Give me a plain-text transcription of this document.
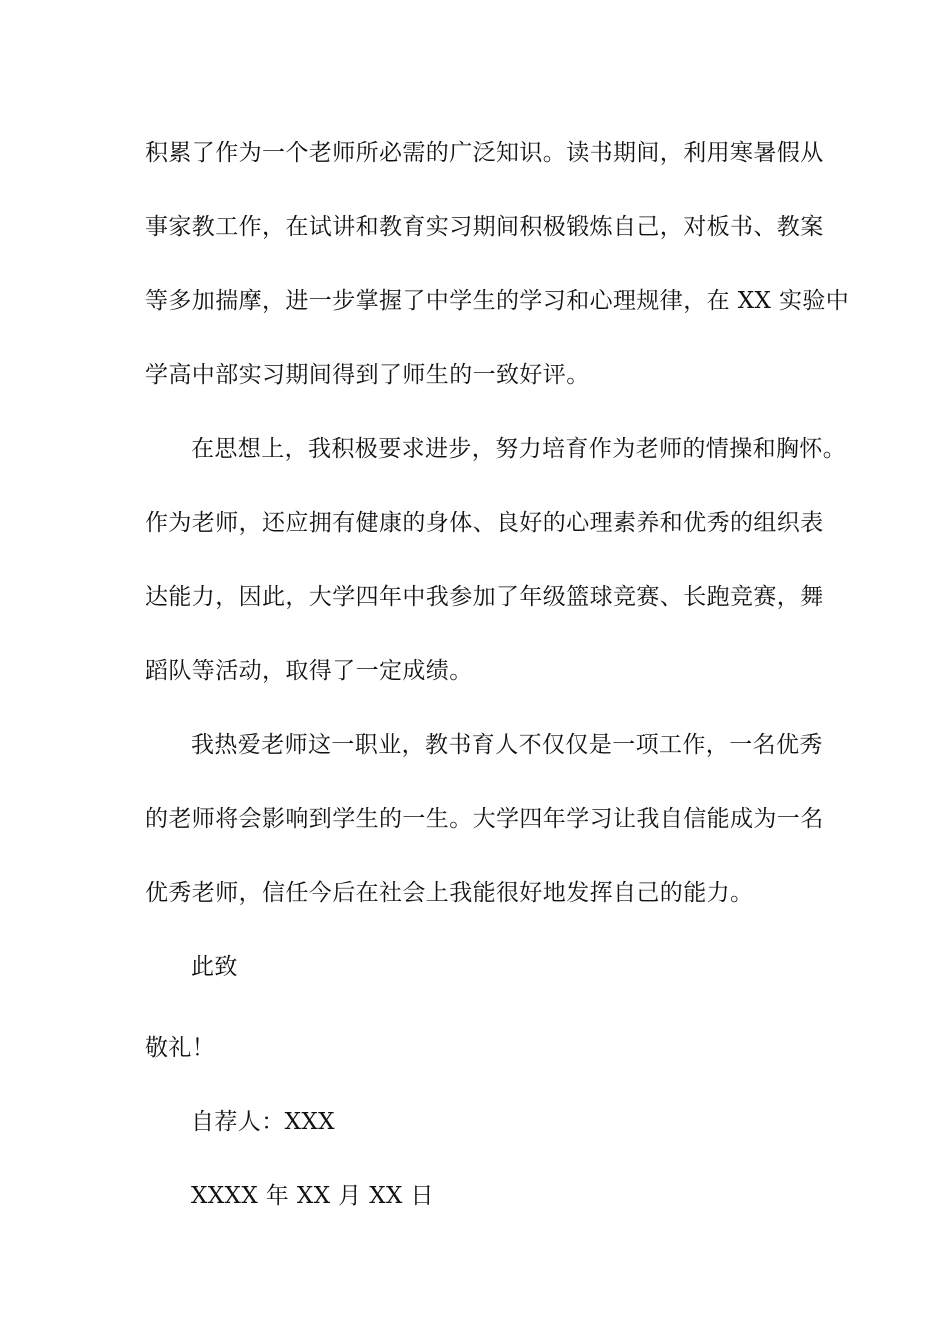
积累了作为一个老师所必需的广泛知识。读书期间，利用寒暑假从
事家教工作，在试讲和教育实习期间积极锻炼自己，对板书、教案
等多加揣摩，进一步掌握了中学生的学习和心理规律，在 XX 实验中
学高中部实习期间得到了师生的一致好评。
在思想上，我积极要求进步，努力培育作为老师的情操和胸怀。
作为老师，还应拥有健康的身体、良好的心理素养和优秀的组织表
达能力，因此，大学四年中我参加了年级篮球竞赛、长跑竞赛，舞
蹈队等活动，取得了一定成绩。
我热爱老师这一职业，教书育人不仅仅是一项工作，一名优秀
的老师将会影响到学生的一生。大学四年学习让我自信能成为一名
优秀老师，信任今后在社会上我能很好地发挥自己的能力。
此致
敬礼！
自荐人：XXX
XXXX 年 XX 月 XX 日
